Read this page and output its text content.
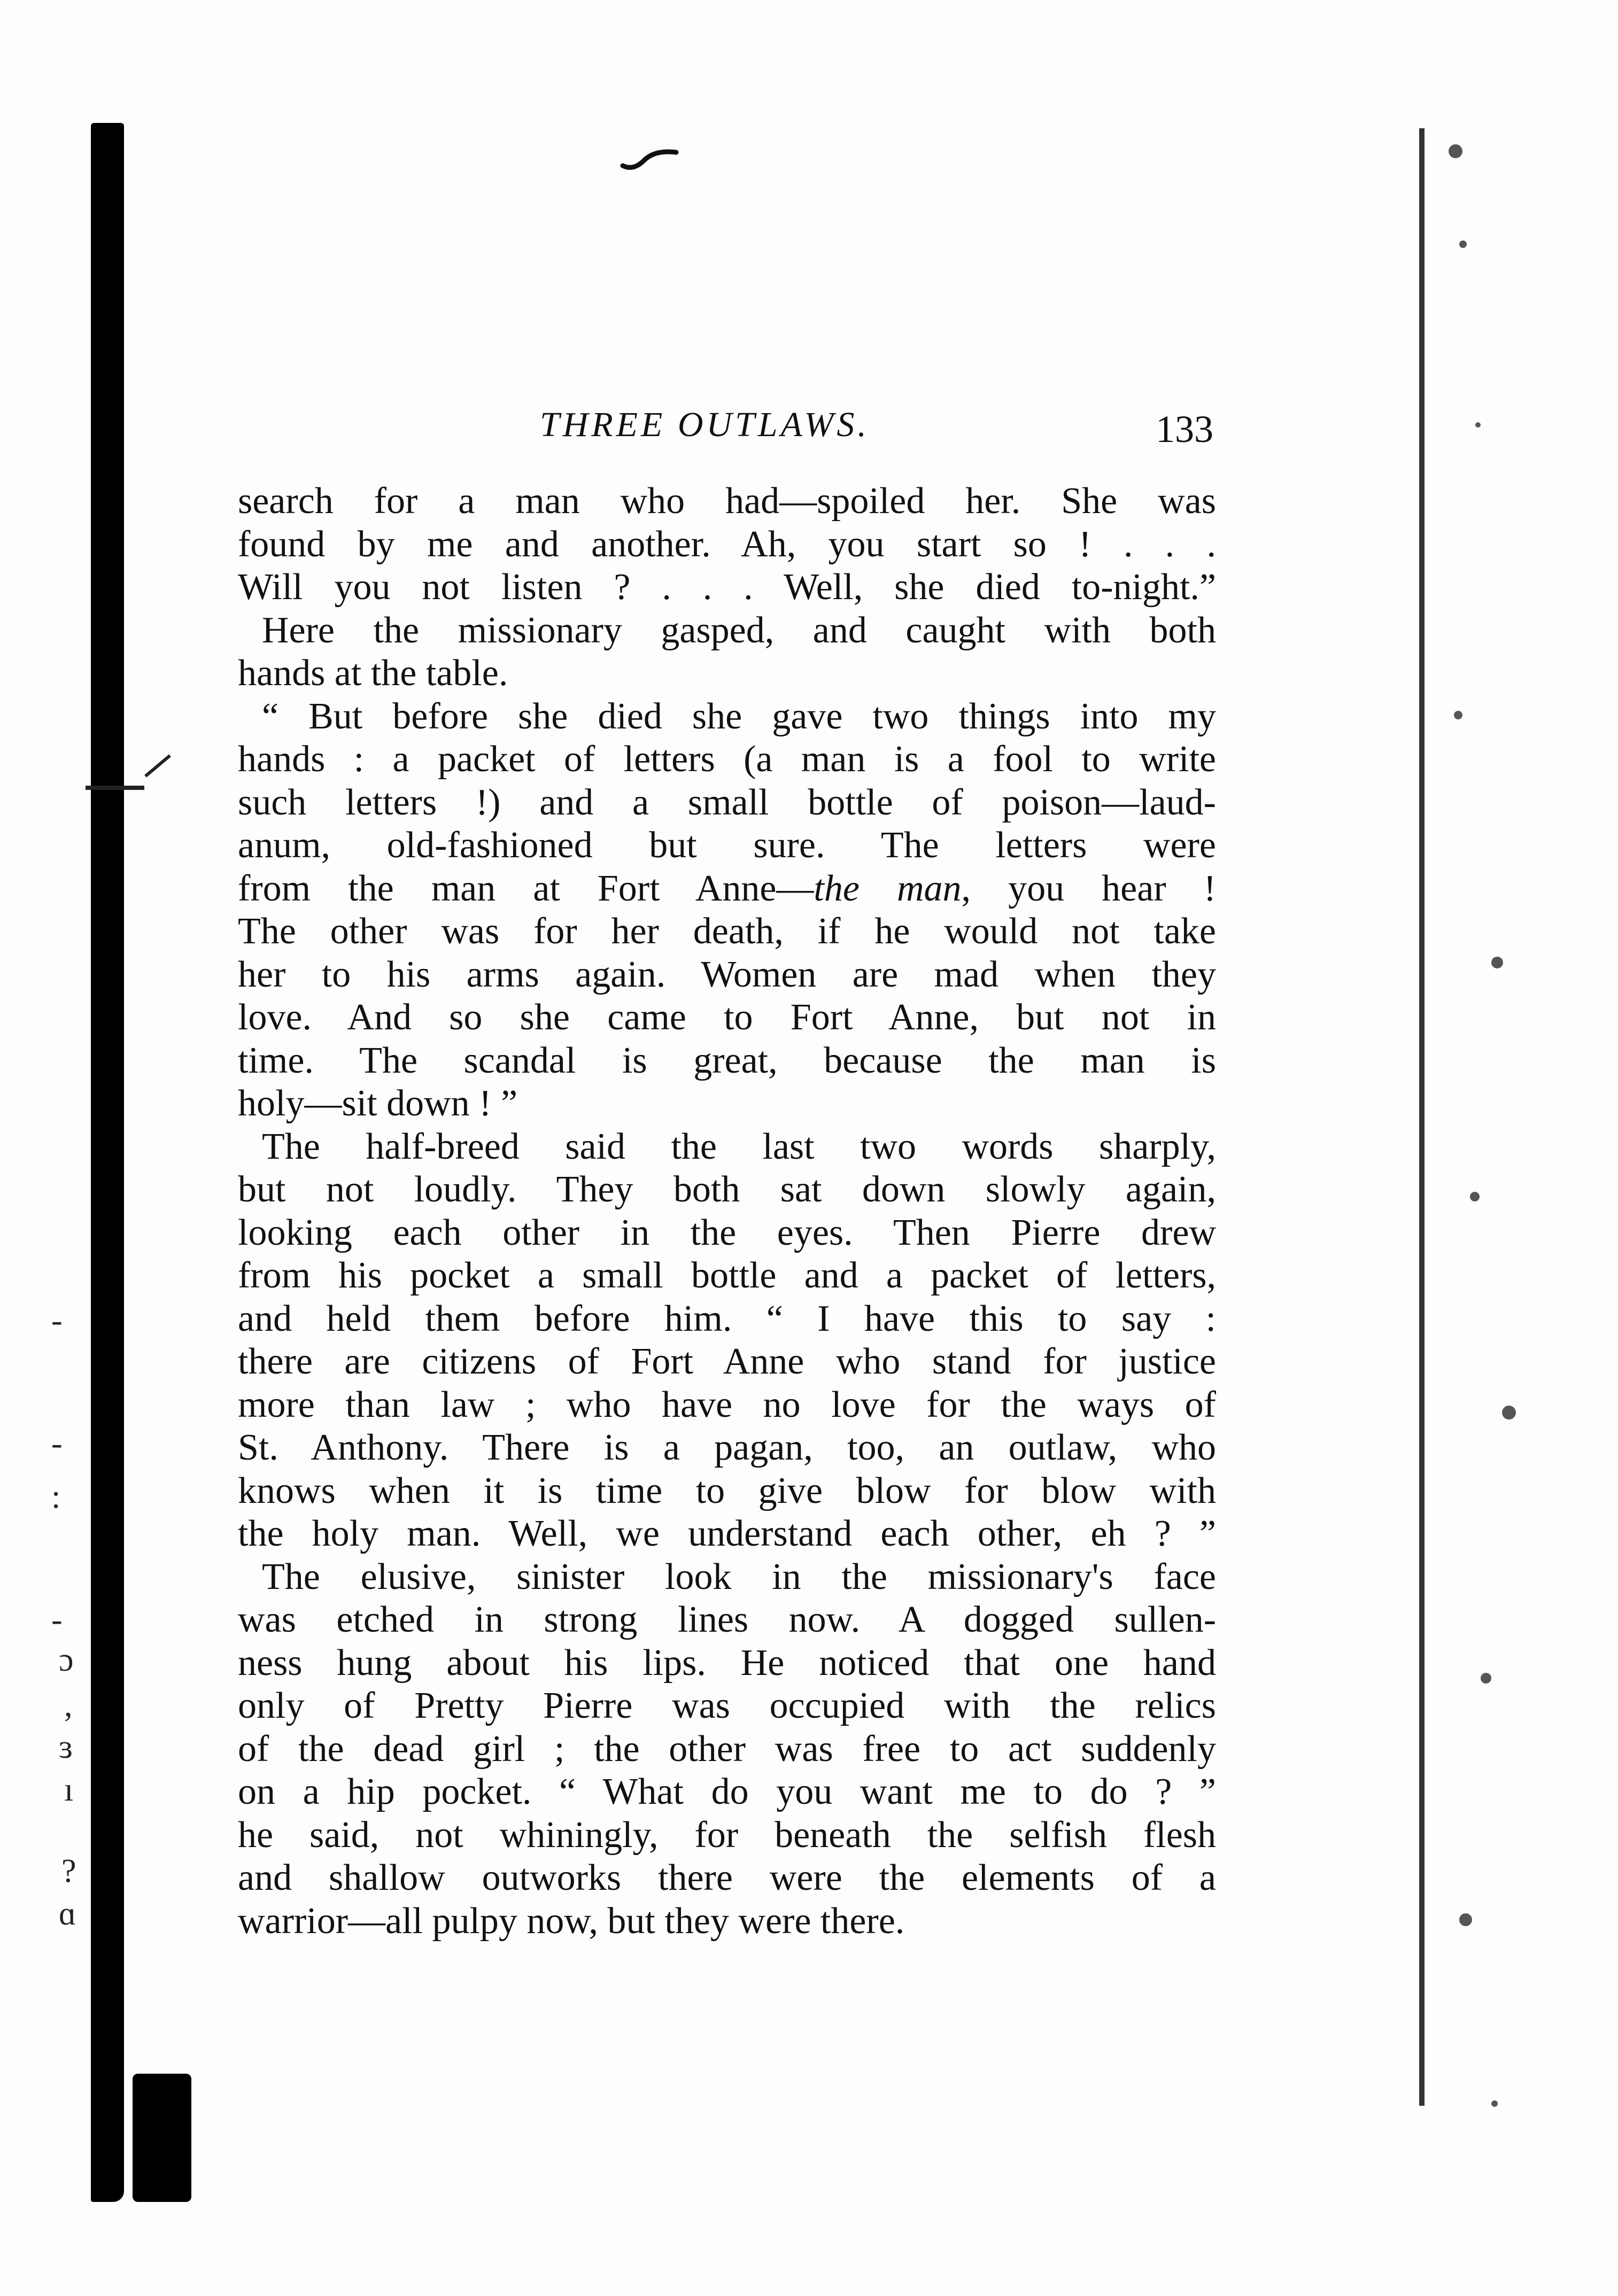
:
-
-
-
ɔ
,
ɜ
ı
?
ɑ
THREE OUTLAWS.	133
search for a man who had—spoiled her. She was
found by me and another. Ah, you start so ! . . .
Will you not listen ? . . . Well, she died to-night.”
Here the missionary gasped, and caught with both
hands at the table.
“ But before she died she gave two things into my
hands : a packet of letters (a man is a fool to write
such letters !) and a small bottle of poison—laud-
anum, old-fashioned but sure. The letters were
from the man at Fort Anne—the man, you hear !
The other was for her death, if he would not take
her to his arms again. Women are mad when they
love. And so she came to Fort Anne, but not in
time. The scandal is great, because the man is
holy—sit down ! ”
The half-breed said the last two words sharply,
but not loudly. They both sat down slowly again,
looking each other in the eyes. Then Pierre drew
from his pocket a small bottle and a packet of letters,
and held them before him. “ I have this to say :
there are citizens of Fort Anne who stand for justice
more than law ; who have no love for the ways of
St. Anthony. There is a pagan, too, an outlaw, who
knows when it is time to give blow for blow with
the holy man. Well, we understand each other, eh ? ”
The elusive, sinister look in the missionary's face
was etched in strong lines now. A dogged sullen-
ness hung about his lips. He noticed that one hand
only of Pretty Pierre was occupied with the relics
of the dead girl ; the other was free to act suddenly
on a hip pocket. “ What do you want me to do ? ”
he said, not whiningly, for beneath the selfish flesh
and shallow outworks there were the elements of a
warrior—all pulpy now, but they were there.
